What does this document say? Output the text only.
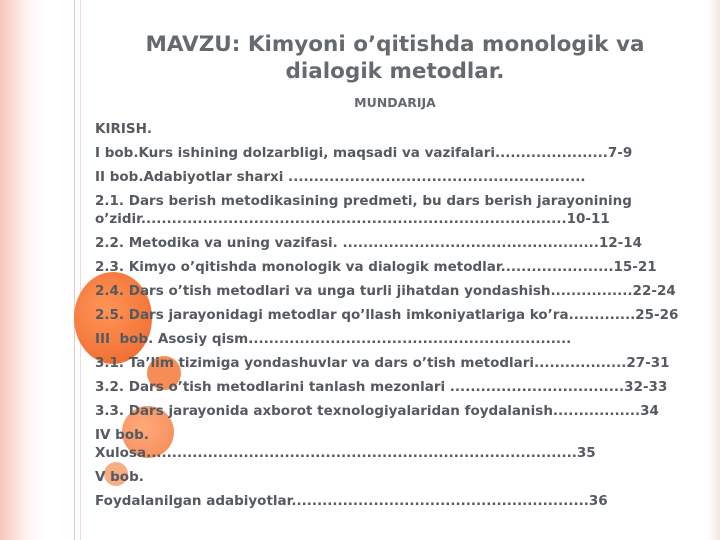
MAVZU: Kimyoni o’qitishda monologik va dialogik metodlar.
MUNDARIJA
KIRISH.
I bob.Kurs ishining dolzarbligi, maqsadi va vazifalari......................7-9
II bob.Adabiyotlar sharxi ..........................................................
2.1. Dars berish metodikasining predmeti, bu dars berish jarayonining o’zidir...................................................................................10-11
2.2. Metodika va uning vazifasi. ..................................................12-14
2.3. Kimyo o’qitishda monologik va dialogik metodlar......................15-21
2.4. Dars o’tish metodlari va unga turli jihatdan yondashish................22-24
2.5. Dars jarayonidagi metodlar qo’llash imkoniyatlariga ko’ra.............25-26
III  bob. Asosiy qism...............................................................
3.1. Ta’lim tizimiga yondashuvlar va dars o’tish metodlari..................27-31
3.2. Dars o’tish metodlarini tanlash mezonlari ..................................32-33
3.3. Dars jarayonida axborot texnologiyalaridan foydalanish.................34
IV bob.
Xulosa....................................................................................35
V bob.
Foydalanilgan adabiyotlar..........................................................36
